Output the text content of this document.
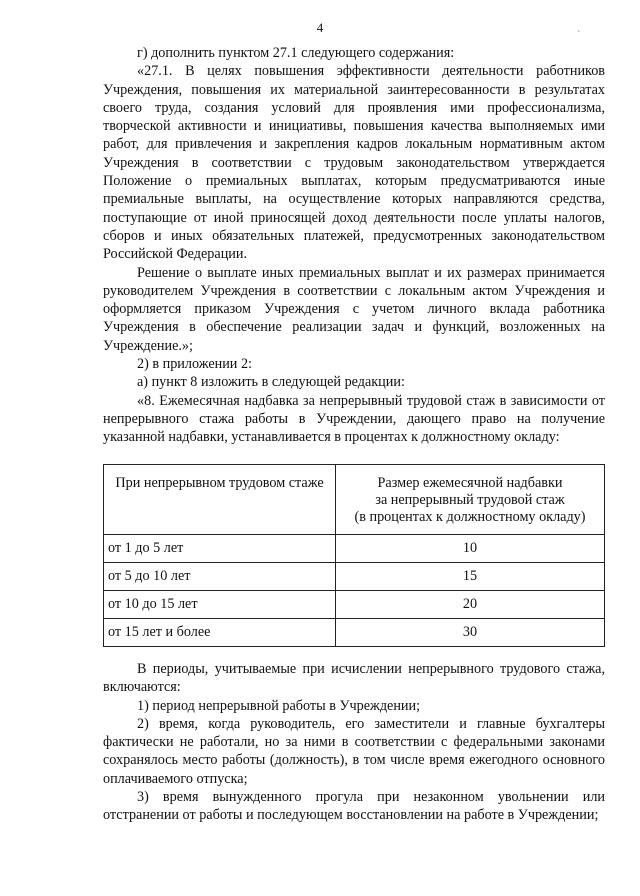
4
ˋ

г) дополнить пунктом 27.1 следующего содержания:

«27.1. В целях повышения эффективности деятельности работников Учреждения, повышения их материальной заинтересованности в результатах своего труда, создания условий для проявления ими профессионализма, творческой активности и инициативы, повышения качества выполняемых ими работ, для привлечения и закрепления кадров локальным нормативным актом Учреждения в соответствии с трудовым законодательством утверждается Положение о премиальных выплатах, которым предусматриваются иные премиальные выплаты, на осуществление которых направляются средства, поступающие от иной приносящей доход деятельности после уплаты налогов, сборов и иных обязательных платежей, предусмотренных законодательством Российской Федерации.

Решение о выплате иных премиальных выплат и их размерах принимается руководителем Учреждения в соответствии с локальным актом Учреждения и оформляется приказом Учреждения с учетом личного вклада работника Учреждения в обеспечение реализации задач и функций, возложенных на Учреждение.»;

2) в приложении 2:

а) пункт 8 изложить в следующей редакции:

«8. Ежемесячная надбавка за непрерывный трудовой стаж в зависимости от непрерывного стажа работы в Учреждении, дающего право на получение указанной надбавки, устанавливается в процентах к должностному окладу:

При непрерывном трудовом стаже	Размер ежемесячной надбавки
за непрерывный трудовой стаж
(в процентах к должностному окладу)

от 1 до 5 лет	10
от 5 до 10 лет	15
от 10 до 15 лет	20
от 15 лет и более	30

В периоды, учитываемые при исчислении непрерывного трудового стажа, включаются:

1) период непрерывной работы в Учреждении;

2) время, когда руководитель, его заместители и главные бухгалтеры фактически не работали, но за ними в соответствии с федеральными законами сохранялось место работы (должность), в том числе время ежегодного основного оплачиваемого отпуска;

3) время вынужденного прогула при незаконном увольнении или отстранении от работы и последующем восстановлении на работе в Учреждении;
